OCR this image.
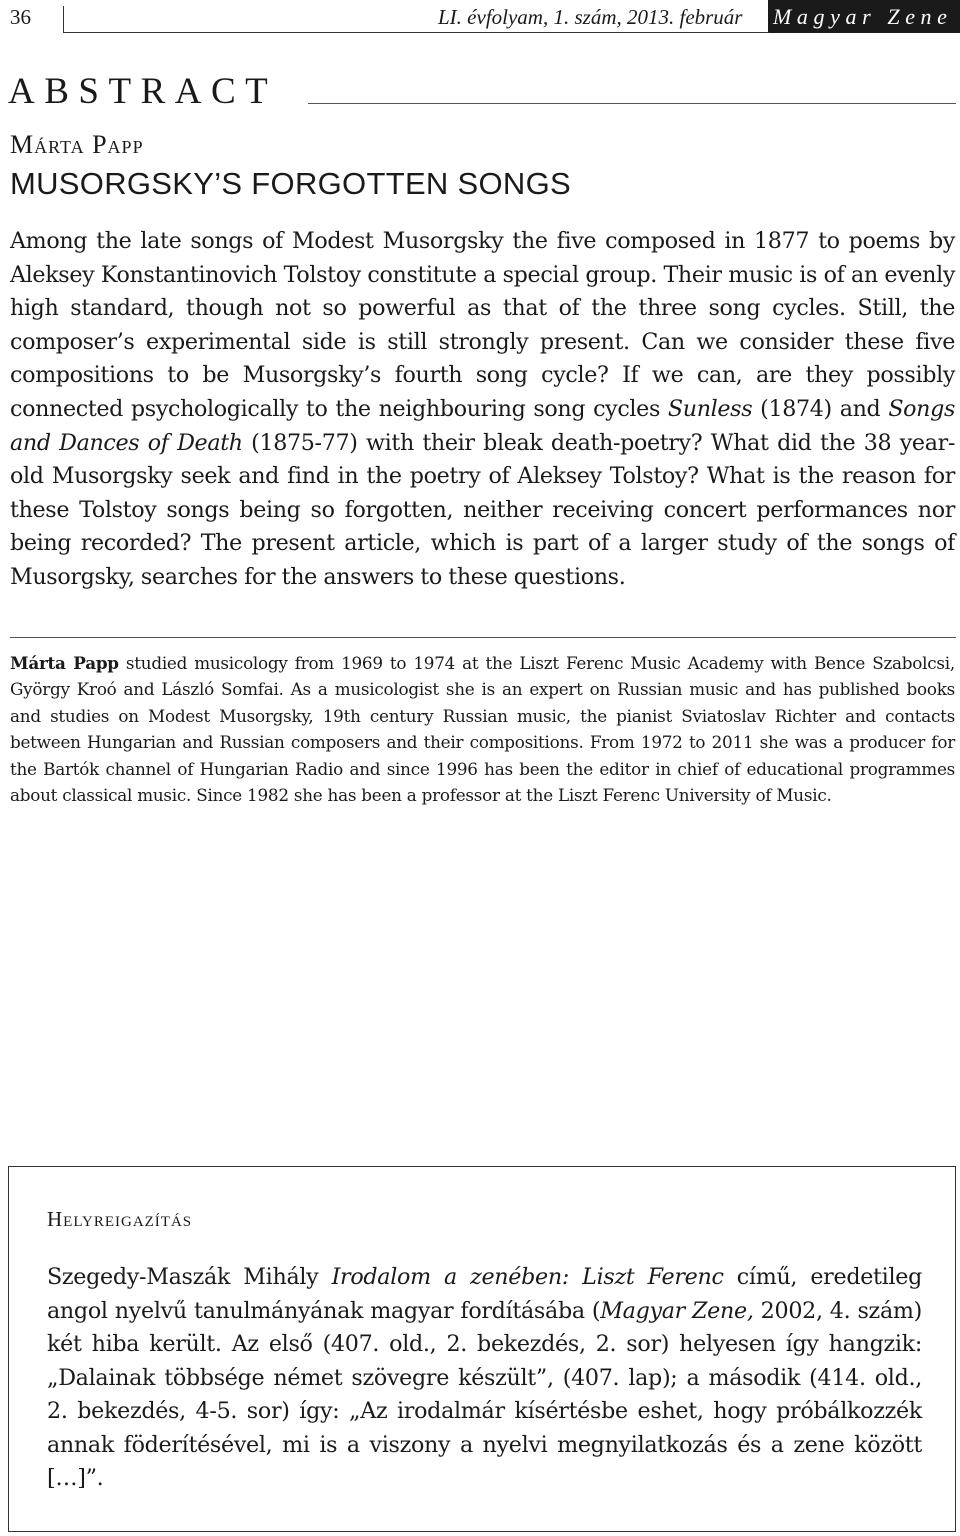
36	LI. évfolyam, 1. szám, 2013. február Magyar Zene
ABSTRACT
Márta Papp
MUSORGSKY’S FORGOTTEN SONGS

Among the late songs of Modest Musorgsky the five composed in 1877 to poems by Aleksey Konstantinovich Tolstoy constitute a special group. Their music is of an evenly high standard, though not so powerful as that of the three song cycles. Still, the composer’s experimental side is still strongly present. Can we consider these five compositions to be Musorgsky’s fourth song cycle? If we can, are they possibly connected psychologically to the neighbouring song cycles Sunless (1874) and Songs and Dances of Death (1875-77) with their bleak death-poetry? What did the 38 year-old Musorgsky seek and find in the poetry of Aleksey Tolstoy? What is the reason for these Tolstoy songs being so forgotten, neither receiving concert performances nor being recorded? The present article, which is part of a larger study of the songs of Musorgsky, searches for the answers to these questions.

Márta Papp studied musicology from 1969 to 1974 at the Liszt Ferenc Music Academy with Bence Szabolcsi, György Kroó and László Somfai. As a musicologist she is an expert on Russian music and has published books and studies on Modest Musorgsky, 19th century Russian music, the pianist Sviatoslav Richter and contacts between Hungarian and Russian composers and their compositions. From 1972 to 2011 she was a producer for the Bartók channel of Hungarian Radio and since 1996 has been the editor in chief of educational programmes about classical music. Since 1982 she has been a professor at the Liszt Ferenc University of Music.

Helyreigazítás

Szegedy-Maszák Mihály Irodalom a zenében: Liszt Ferenc című, eredetileg angol nyelvű tanulmányának magyar fordításába (Magyar Zene, 2002, 4. szám) két hiba került. Az első (407. old., 2. bekezdés, 2. sor) helyesen így hangzik: „Dalainak többsége német szövegre készült”, (407. lap); a második (414. old., 2. bekezdés, 4-5. sor) így: „Az irodalmár kísértésbe eshet, hogy próbálkozzék annak föderítésével, mi is a viszony a nyelvi megnyilatkozás és a zene között […]”.
